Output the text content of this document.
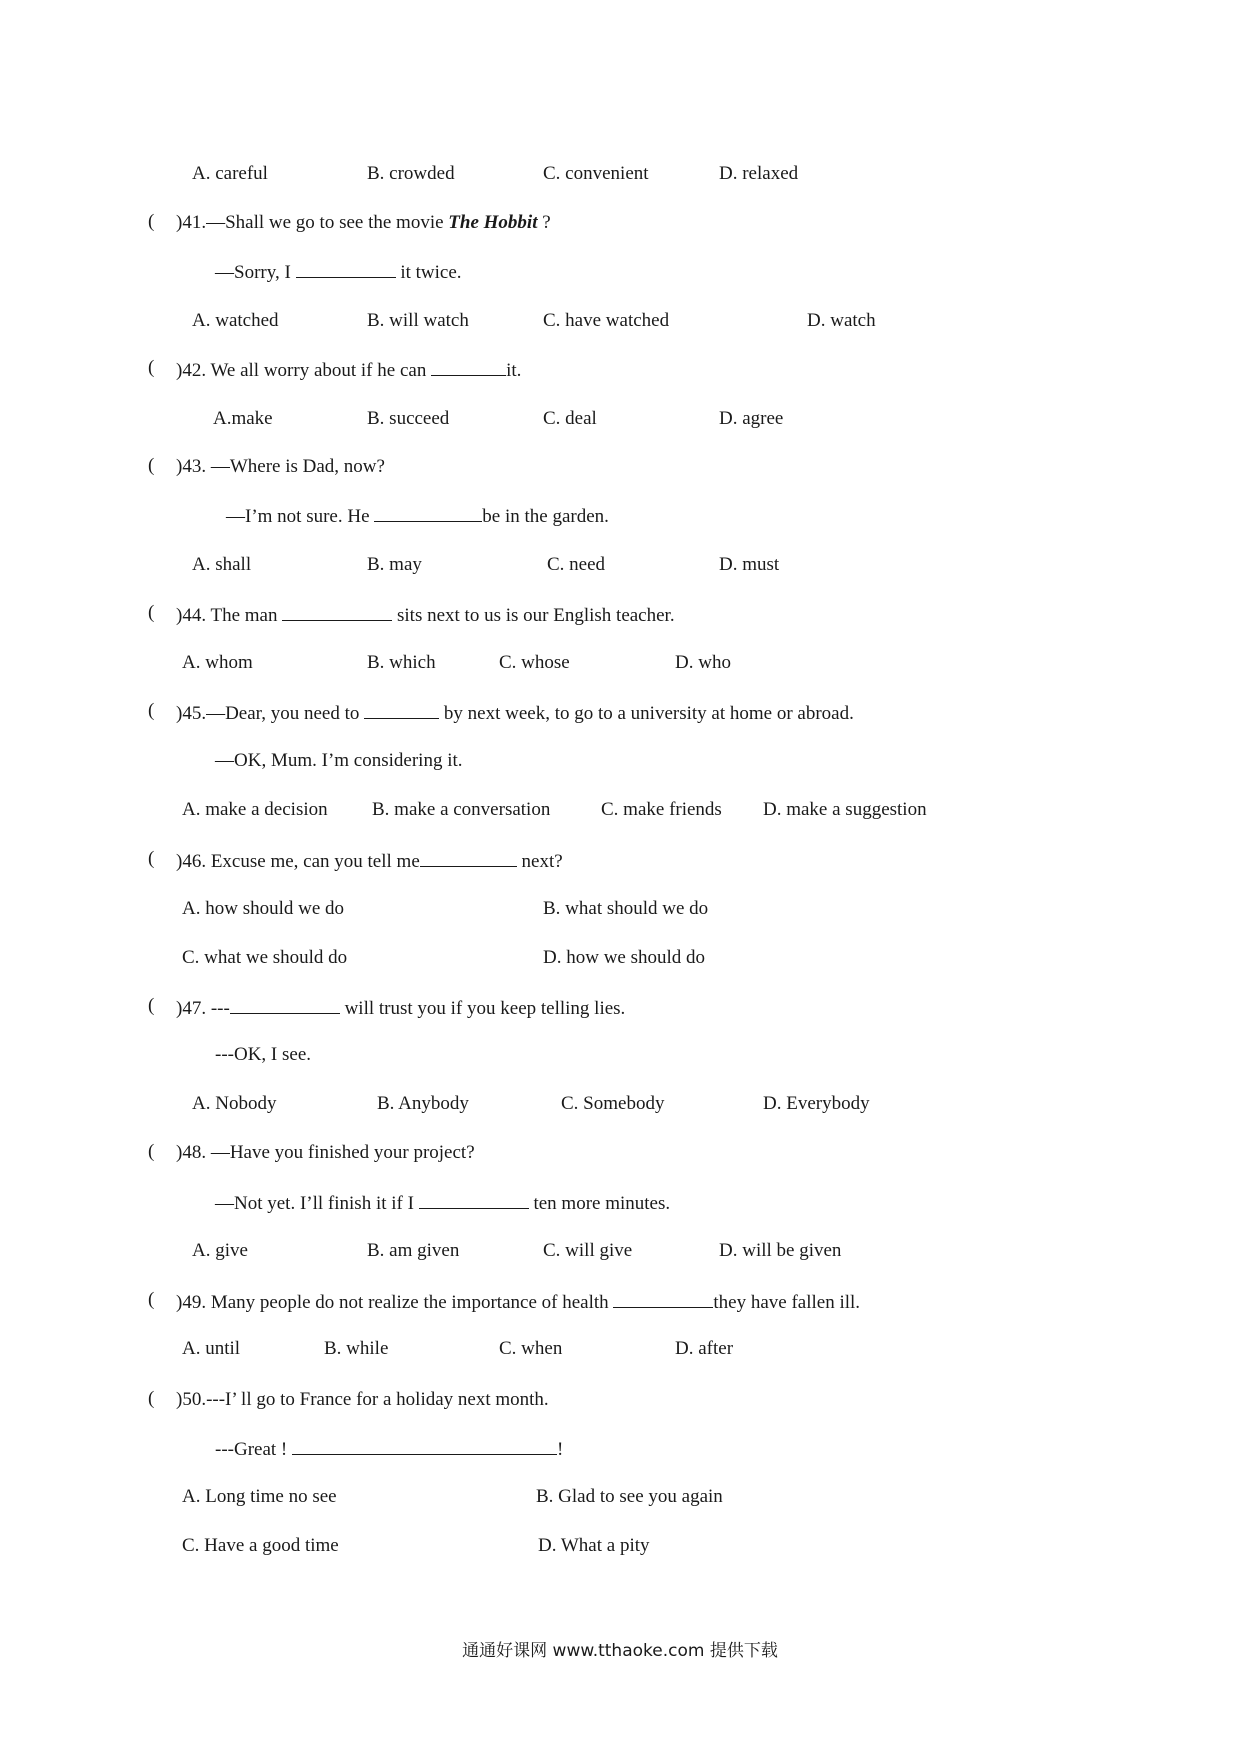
A. careful	B. crowded	C. convenient	D. relaxed
( )41.—Shall we go to see the movie The Hobbit ?
—Sorry, I	it twice.
A. watched	B. will watch	C. have watched	D. watch
( )42. We all worry about if he can	it.
A.make	B. succeed	C. deal	D. agree
( )43. —Where is Dad, now?
—I’m not sure. He	be in the garden.
A. shall	B. may	C. need	D. must
( )44. The man	sits next to us is our English teacher.
A. whom	B. which	C. whose	D. who
( )45.—Dear, you need to	by next week, to go to a university at home or abroad.
—OK, Mum. I’m considering it.
A. make a decision B. make a conversation	C. make friends D. make a suggestion
( )46. Excuse me, can you tell me	next?
A. how should we do	B. what should we do
C. what we should do	D. how we should do
( )47. ---	will trust you if you keep telling lies.
---OK, I see.
A. Nobody	B. Anybody	C. Somebody	D. Everybody
( )48. —Have you finished your project?
—Not yet. I’ll finish it if I	ten more minutes.
A. give	B. am given	C. will give	D. will be given
( )49. Many people do not realize the importance of health	they have fallen ill.
A. until	B. while	C. when	D. after
( )50.---I’ ll go to France for a holiday next month.
---Great !	!
A. Long time no see	B. Glad to see you again
C. Have a good time	D. What a pity
通通好课网 www.tthaoke.com 提供下载
